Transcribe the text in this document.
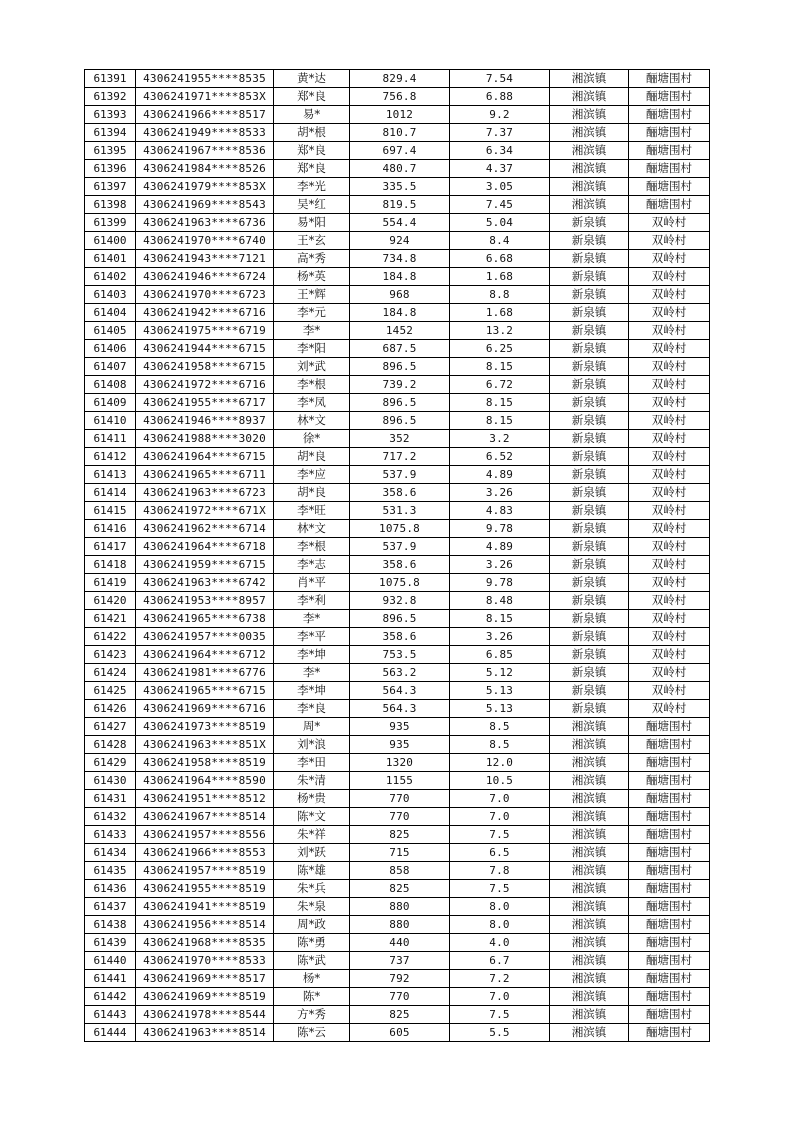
61391	4306241955****8535	黄*达	829.4	7.54	湘滨镇	酾塘围村
61392	4306241971****853X	郑*良	756.8	6.88	湘滨镇	酾塘围村
61393	4306241966****8517	易*	1012	9.2	湘滨镇	酾塘围村
61394	4306241949****8533	胡*根	810.7	7.37	湘滨镇	酾塘围村
61395	4306241967****8536	郑*良	697.4	6.34	湘滨镇	酾塘围村
61396	4306241984****8526	郑*良	480.7	4.37	湘滨镇	酾塘围村
61397	4306241979****853X	李*光	335.5	3.05	湘滨镇	酾塘围村
61398	4306241969****8543	吴*红	819.5	7.45	湘滨镇	酾塘围村
61399	4306241963****6736	易*阳	554.4	5.04	新泉镇	双岭村
61400	4306241970****6740	王*玄	924	8.4	新泉镇	双岭村
61401	4306241943****7121	高*秀	734.8	6.68	新泉镇	双岭村
61402	4306241946****6724	杨*英	184.8	1.68	新泉镇	双岭村
61403	4306241970****6723	王*辉	968	8.8	新泉镇	双岭村
61404	4306241942****6716	李*元	184.8	1.68	新泉镇	双岭村
61405	4306241975****6719	李*	1452	13.2	新泉镇	双岭村
61406	4306241944****6715	李*阳	687.5	6.25	新泉镇	双岭村
61407	4306241958****6715	刘*武	896.5	8.15	新泉镇	双岭村
61408	4306241972****6716	李*根	739.2	6.72	新泉镇	双岭村
61409	4306241955****6717	李*凤	896.5	8.15	新泉镇	双岭村
61410	4306241946****8937	林*文	896.5	8.15	新泉镇	双岭村
61411	4306241988****3020	徐*	352	3.2	新泉镇	双岭村
61412	4306241964****6715	胡*良	717.2	6.52	新泉镇	双岭村
61413	4306241965****6711	李*应	537.9	4.89	新泉镇	双岭村
61414	4306241963****6723	胡*良	358.6	3.26	新泉镇	双岭村
61415	4306241972****671X	李*旺	531.3	4.83	新泉镇	双岭村
61416	4306241962****6714	林*文	1075.8	9.78	新泉镇	双岭村
61417	4306241964****6718	李*根	537.9	4.89	新泉镇	双岭村
61418	4306241959****6715	李*志	358.6	3.26	新泉镇	双岭村
61419	4306241963****6742	肖*平	1075.8	9.78	新泉镇	双岭村
61420	4306241953****8957	李*利	932.8	8.48	新泉镇	双岭村
61421	4306241965****6738	李*	896.5	8.15	新泉镇	双岭村
61422	4306241957****0035	李*平	358.6	3.26	新泉镇	双岭村
61423	4306241964****6712	李*坤	753.5	6.85	新泉镇	双岭村
61424	4306241981****6776	李*	563.2	5.12	新泉镇	双岭村
61425	4306241965****6715	李*坤	564.3	5.13	新泉镇	双岭村
61426	4306241969****6716	李*良	564.3	5.13	新泉镇	双岭村
61427	4306241973****8519	周*	935	8.5	湘滨镇	酾塘围村
61428	4306241963****851X	刘*浪	935	8.5	湘滨镇	酾塘围村
61429	4306241958****8519	李*田	1320	12.0	湘滨镇	酾塘围村
61430	4306241964****8590	朱*清	1155	10.5	湘滨镇	酾塘围村
61431	4306241951****8512	杨*贵	770	7.0	湘滨镇	酾塘围村
61432	4306241967****8514	陈*文	770	7.0	湘滨镇	酾塘围村
61433	4306241957****8556	朱*祥	825	7.5	湘滨镇	酾塘围村
61434	4306241966****8553	刘*跃	715	6.5	湘滨镇	酾塘围村
61435	4306241957****8519	陈*雄	858	7.8	湘滨镇	酾塘围村
61436	4306241955****8519	朱*兵	825	7.5	湘滨镇	酾塘围村
61437	4306241941****8519	朱*泉	880	8.0	湘滨镇	酾塘围村
61438	4306241956****8514	周*政	880	8.0	湘滨镇	酾塘围村
61439	4306241968****8535	陈*勇	440	4.0	湘滨镇	酾塘围村
61440	4306241970****8533	陈*武	737	6.7	湘滨镇	酾塘围村
61441	4306241969****8517	杨*	792	7.2	湘滨镇	酾塘围村
61442	4306241969****8519	陈*	770	7.0	湘滨镇	酾塘围村
61443	4306241978****8544	方*秀	825	7.5	湘滨镇	酾塘围村
61444	4306241963****8514	陈*云	605	5.5	湘滨镇	酾塘围村
